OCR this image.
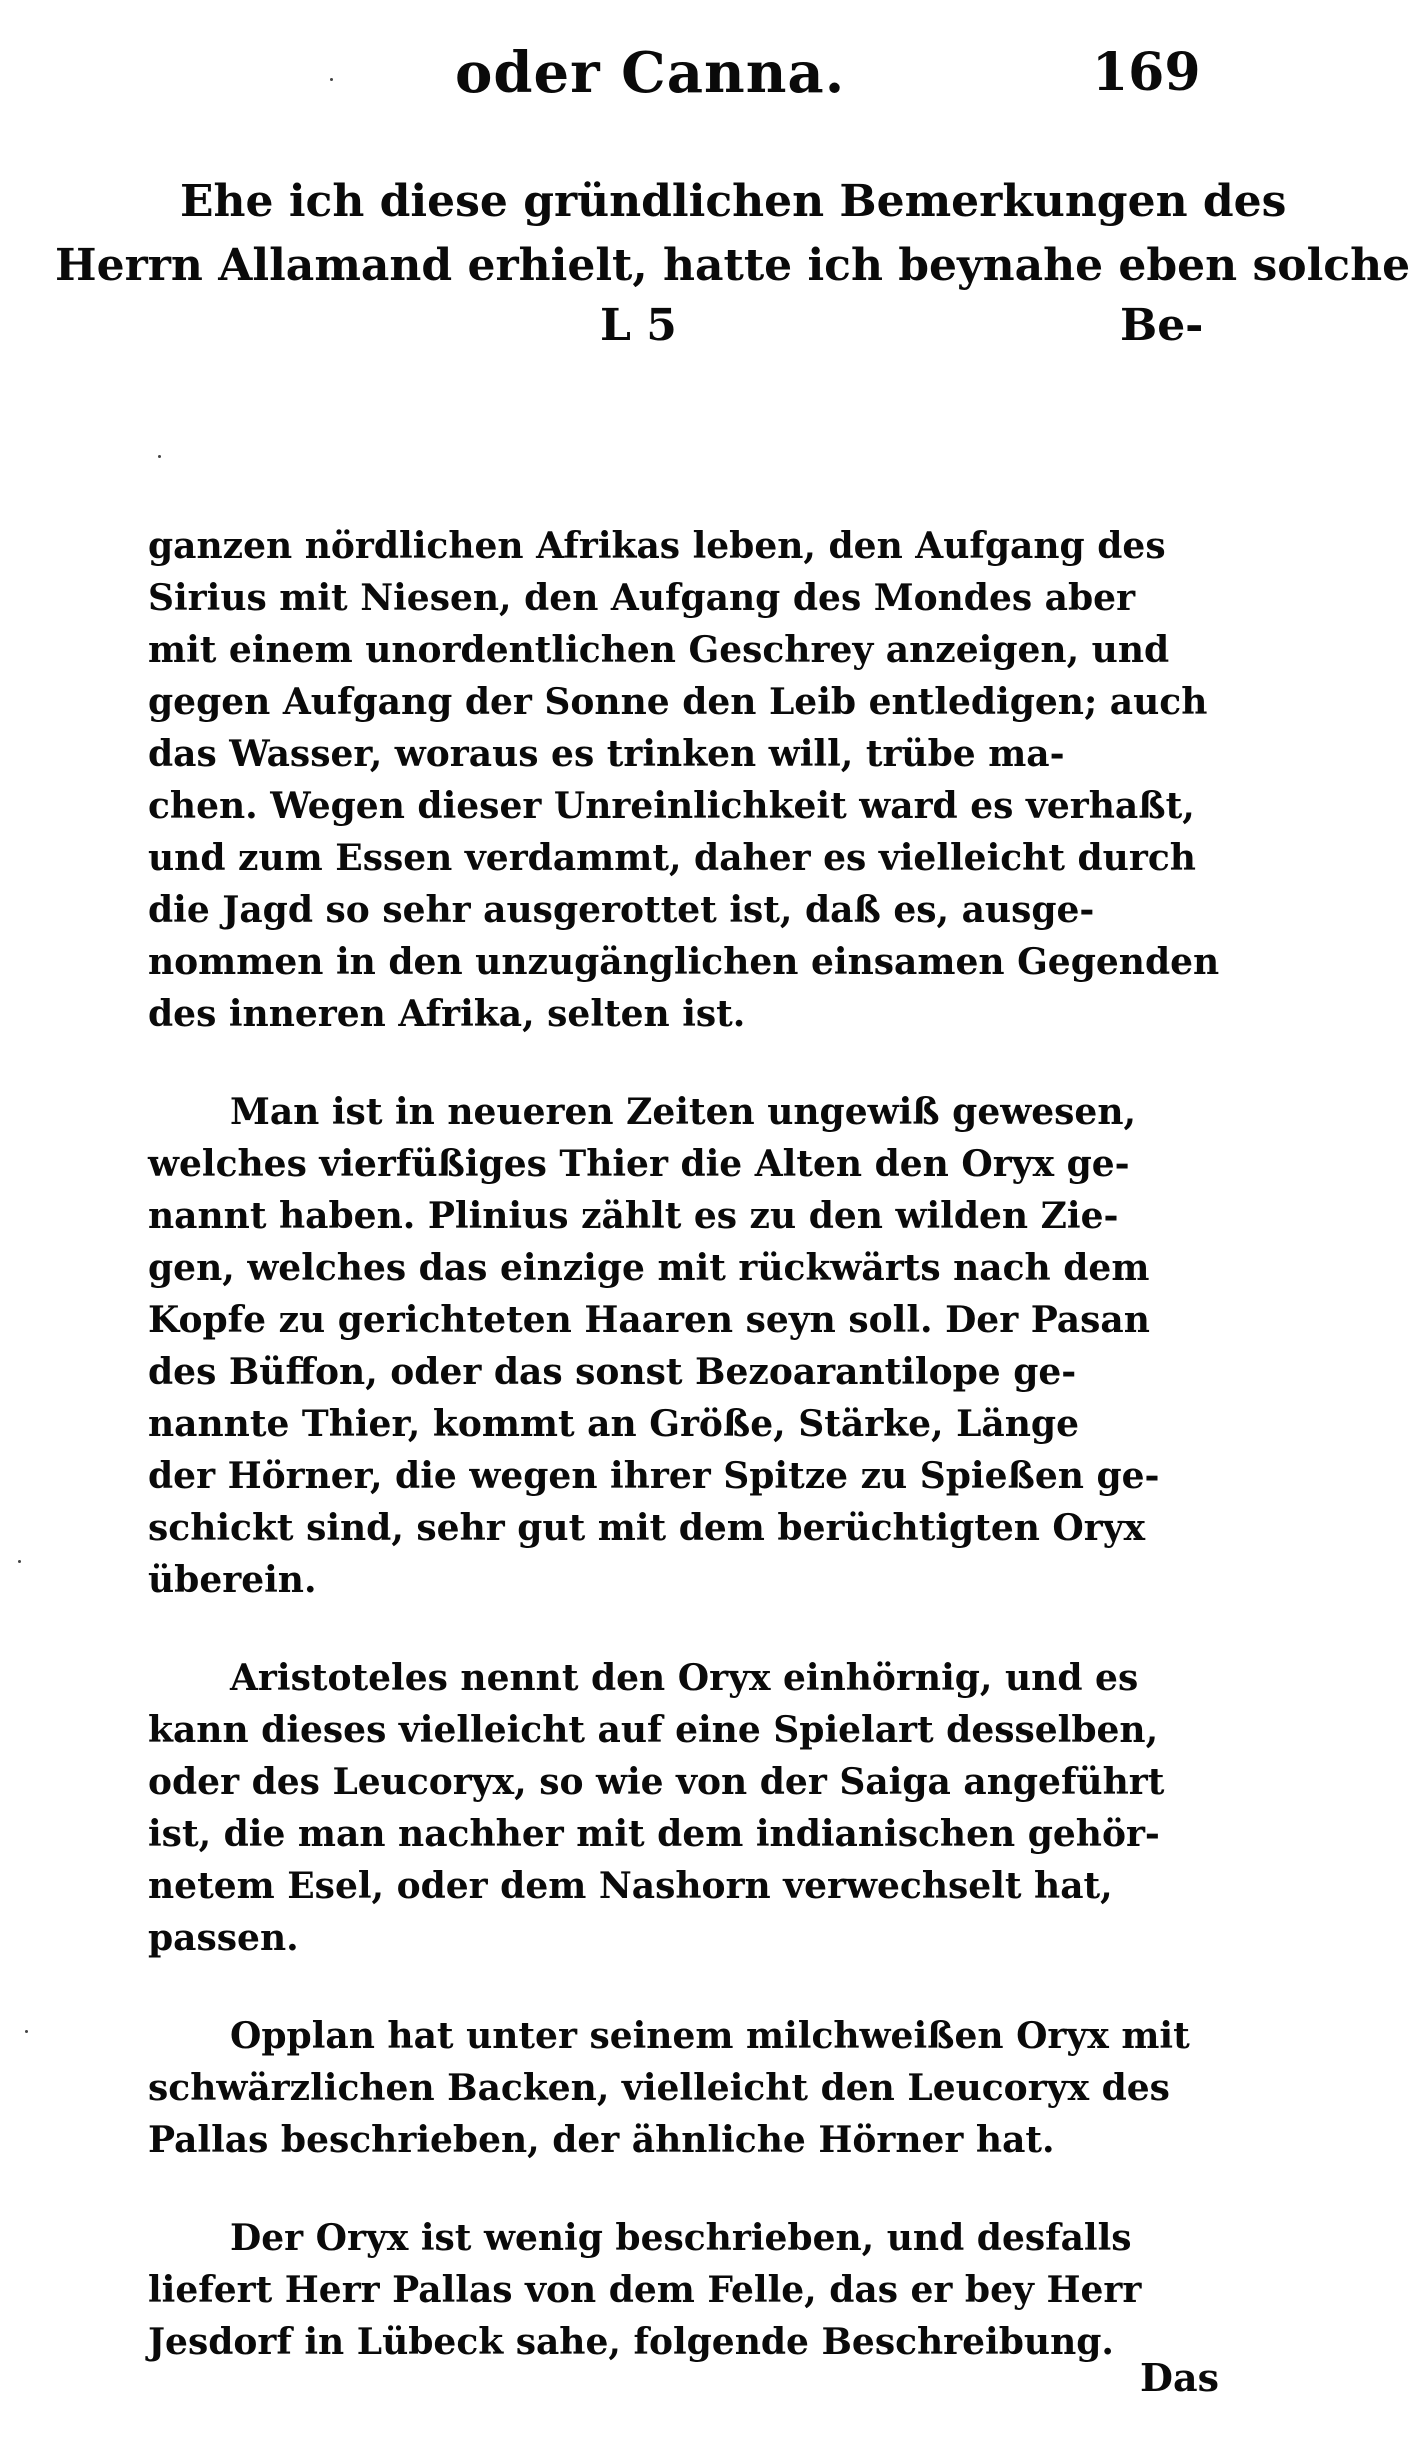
oder Canna.	169
Ehe ich diese gründlichen Bemerkungen des
Herrn Allamand erhielt, hatte ich beynahe eben solche
L 5	Be-
ganzen nördlichen Afrikas leben, den Aufgang des
Sirius mit Niesen, den Aufgang des Mondes aber
mit einem unordentlichen Geschrey anzeigen, und
gegen Aufgang der Sonne den Leib entledigen; auch
das Wasser, woraus es trinken will, trübe ma-
chen. Wegen dieser Unreinlichkeit ward es verhaßt,
und zum Essen verdammt, daher es vielleicht durch
die Jagd so sehr ausgerottet ist, daß es, ausge-
nommen in den unzugänglichen einsamen Gegenden
des inneren Afrika, selten ist.
Man ist in neueren Zeiten ungewiß gewesen,
welches vierfüßiges Thier die Alten den Oryx ge-
nannt haben. Plinius zählt es zu den wilden Zie-
gen, welches das einzige mit rückwärts nach dem
Kopfe zu gerichteten Haaren seyn soll. Der Pasan
des Büffon, oder das sonst Bezoarantilope ge-
nannte Thier, kommt an Größe, Stärke, Länge
der Hörner, die wegen ihrer Spitze zu Spießen ge-
schickt sind, sehr gut mit dem berüchtigten Oryx
überein.
Aristoteles nennt den Oryx einhörnig, und es
kann dieses vielleicht auf eine Spielart desselben,
oder des Leucoryx, so wie von der Saiga angeführt
ist, die man nachher mit dem indianischen gehör-
netem Esel, oder dem Nashorn verwechselt hat,
passen.
Opplan hat unter seinem milchweißen Oryx mit
schwärzlichen Backen, vielleicht den Leucoryx des
Pallas beschrieben, der ähnliche Hörner hat.
Der Oryx ist wenig beschrieben, und desfalls
liefert Herr Pallas von dem Felle, das er bey Herr
Jesdorf in Lübeck sahe, folgende Beschreibung.
Das
